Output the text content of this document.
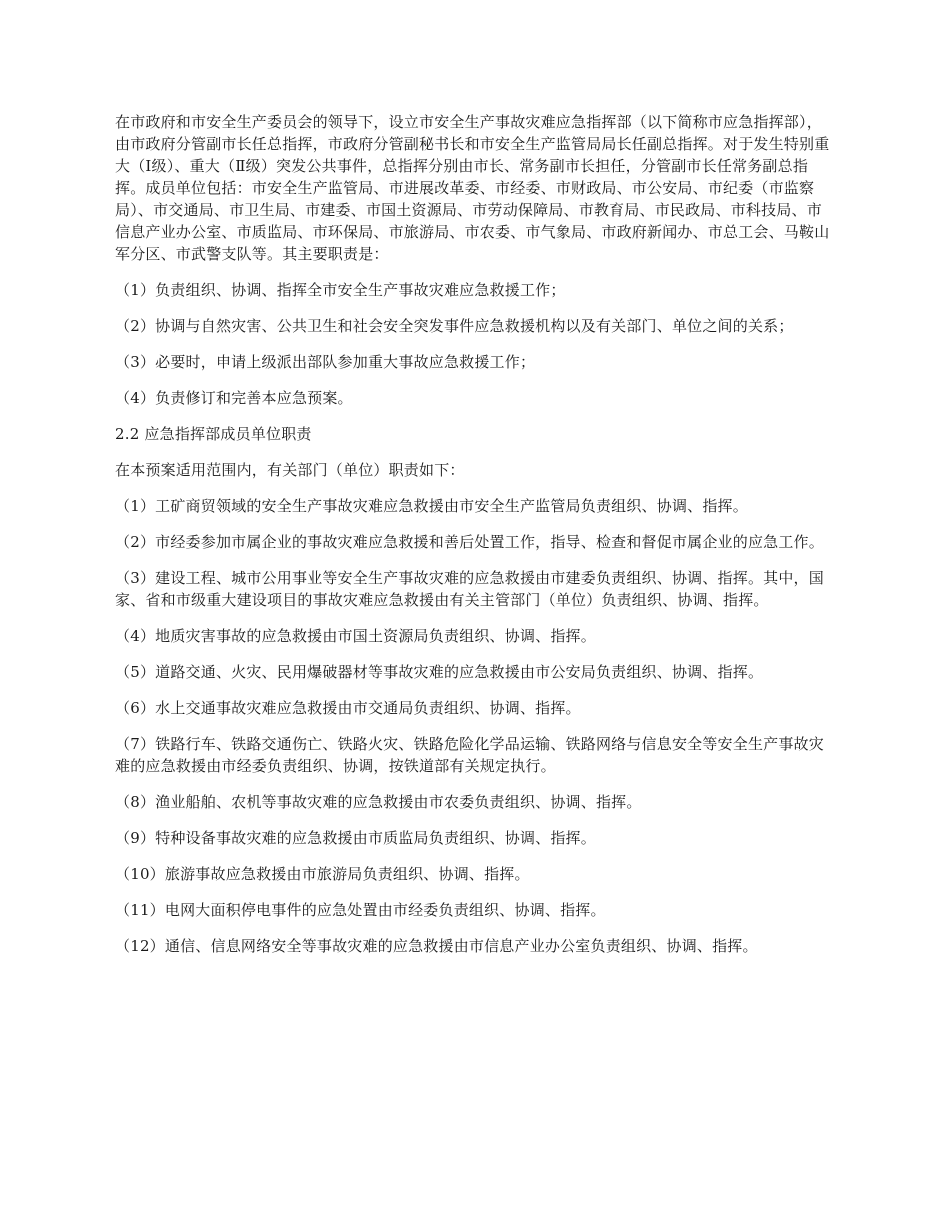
在市政府和市安全生产委员会的领导下，设立市安全生产事故灾难应急指挥部（以下简称市应急指挥部），由市政府分管副市长任总指挥，市政府分管副秘书长和市安全生产监管局局长任副总指挥。对于发生特别重大（Ⅰ级）、重大（Ⅱ级）突发公共事件，总指挥分别由市长、常务副市长担任，分管副市长任常务副总指挥。成员单位包括：市安全生产监管局、市进展改革委、市经委、市财政局、市公安局、市纪委（市监察局）、市交通局、市卫生局、市建委、市国土资源局、市劳动保障局、市教育局、市民政局、市科技局、市信息产业办公室、市质监局、市环保局、市旅游局、市农委、市气象局、市政府新闻办、市总工会、马鞍山军分区、市武警支队等。其主要职责是：

（1）负责组织、协调、指挥全市安全生产事故灾难应急救援工作；

（2）协调与自然灾害、公共卫生和社会安全突发事件应急救援机构以及有关部门、单位之间的关系；

（3）必要时，申请上级派出部队参加重大事故应急救援工作；

（4）负责修订和完善本应急预案。

2.2 应急指挥部成员单位职责

在本预案适用范围内，有关部门（单位）职责如下：

（1）工矿商贸领域的安全生产事故灾难应急救援由市安全生产监管局负责组织、协调、指挥。

（2）市经委参加市属企业的事故灾难应急救援和善后处置工作，指导、检查和督促市属企业的应急工作。

（3）建设工程、城市公用事业等安全生产事故灾难的应急救援由市建委负责组织、协调、指挥。其中，国家、省和市级重大建设项目的事故灾难应急救援由有关主管部门（单位）负责组织、协调、指挥。

（4）地质灾害事故的应急救援由市国土资源局负责组织、协调、指挥。

（5）道路交通、火灾、民用爆破器材等事故灾难的应急救援由市公安局负责组织、协调、指挥。

（6）水上交通事故灾难应急救援由市交通局负责组织、协调、指挥。

（7）铁路行车、铁路交通伤亡、铁路火灾、铁路危险化学品运输、铁路网络与信息安全等安全生产事故灾难的应急救援由市经委负责组织、协调，按铁道部有关规定执行。

（8）渔业船舶、农机等事故灾难的应急救援由市农委负责组织、协调、指挥。

（9）特种设备事故灾难的应急救援由市质监局负责组织、协调、指挥。

（10）旅游事故应急救援由市旅游局负责组织、协调、指挥。

（11）电网大面积停电事件的应急处置由市经委负责组织、协调、指挥。

（12）通信、信息网络安全等事故灾难的应急救援由市信息产业办公室负责组织、协调、指挥。
